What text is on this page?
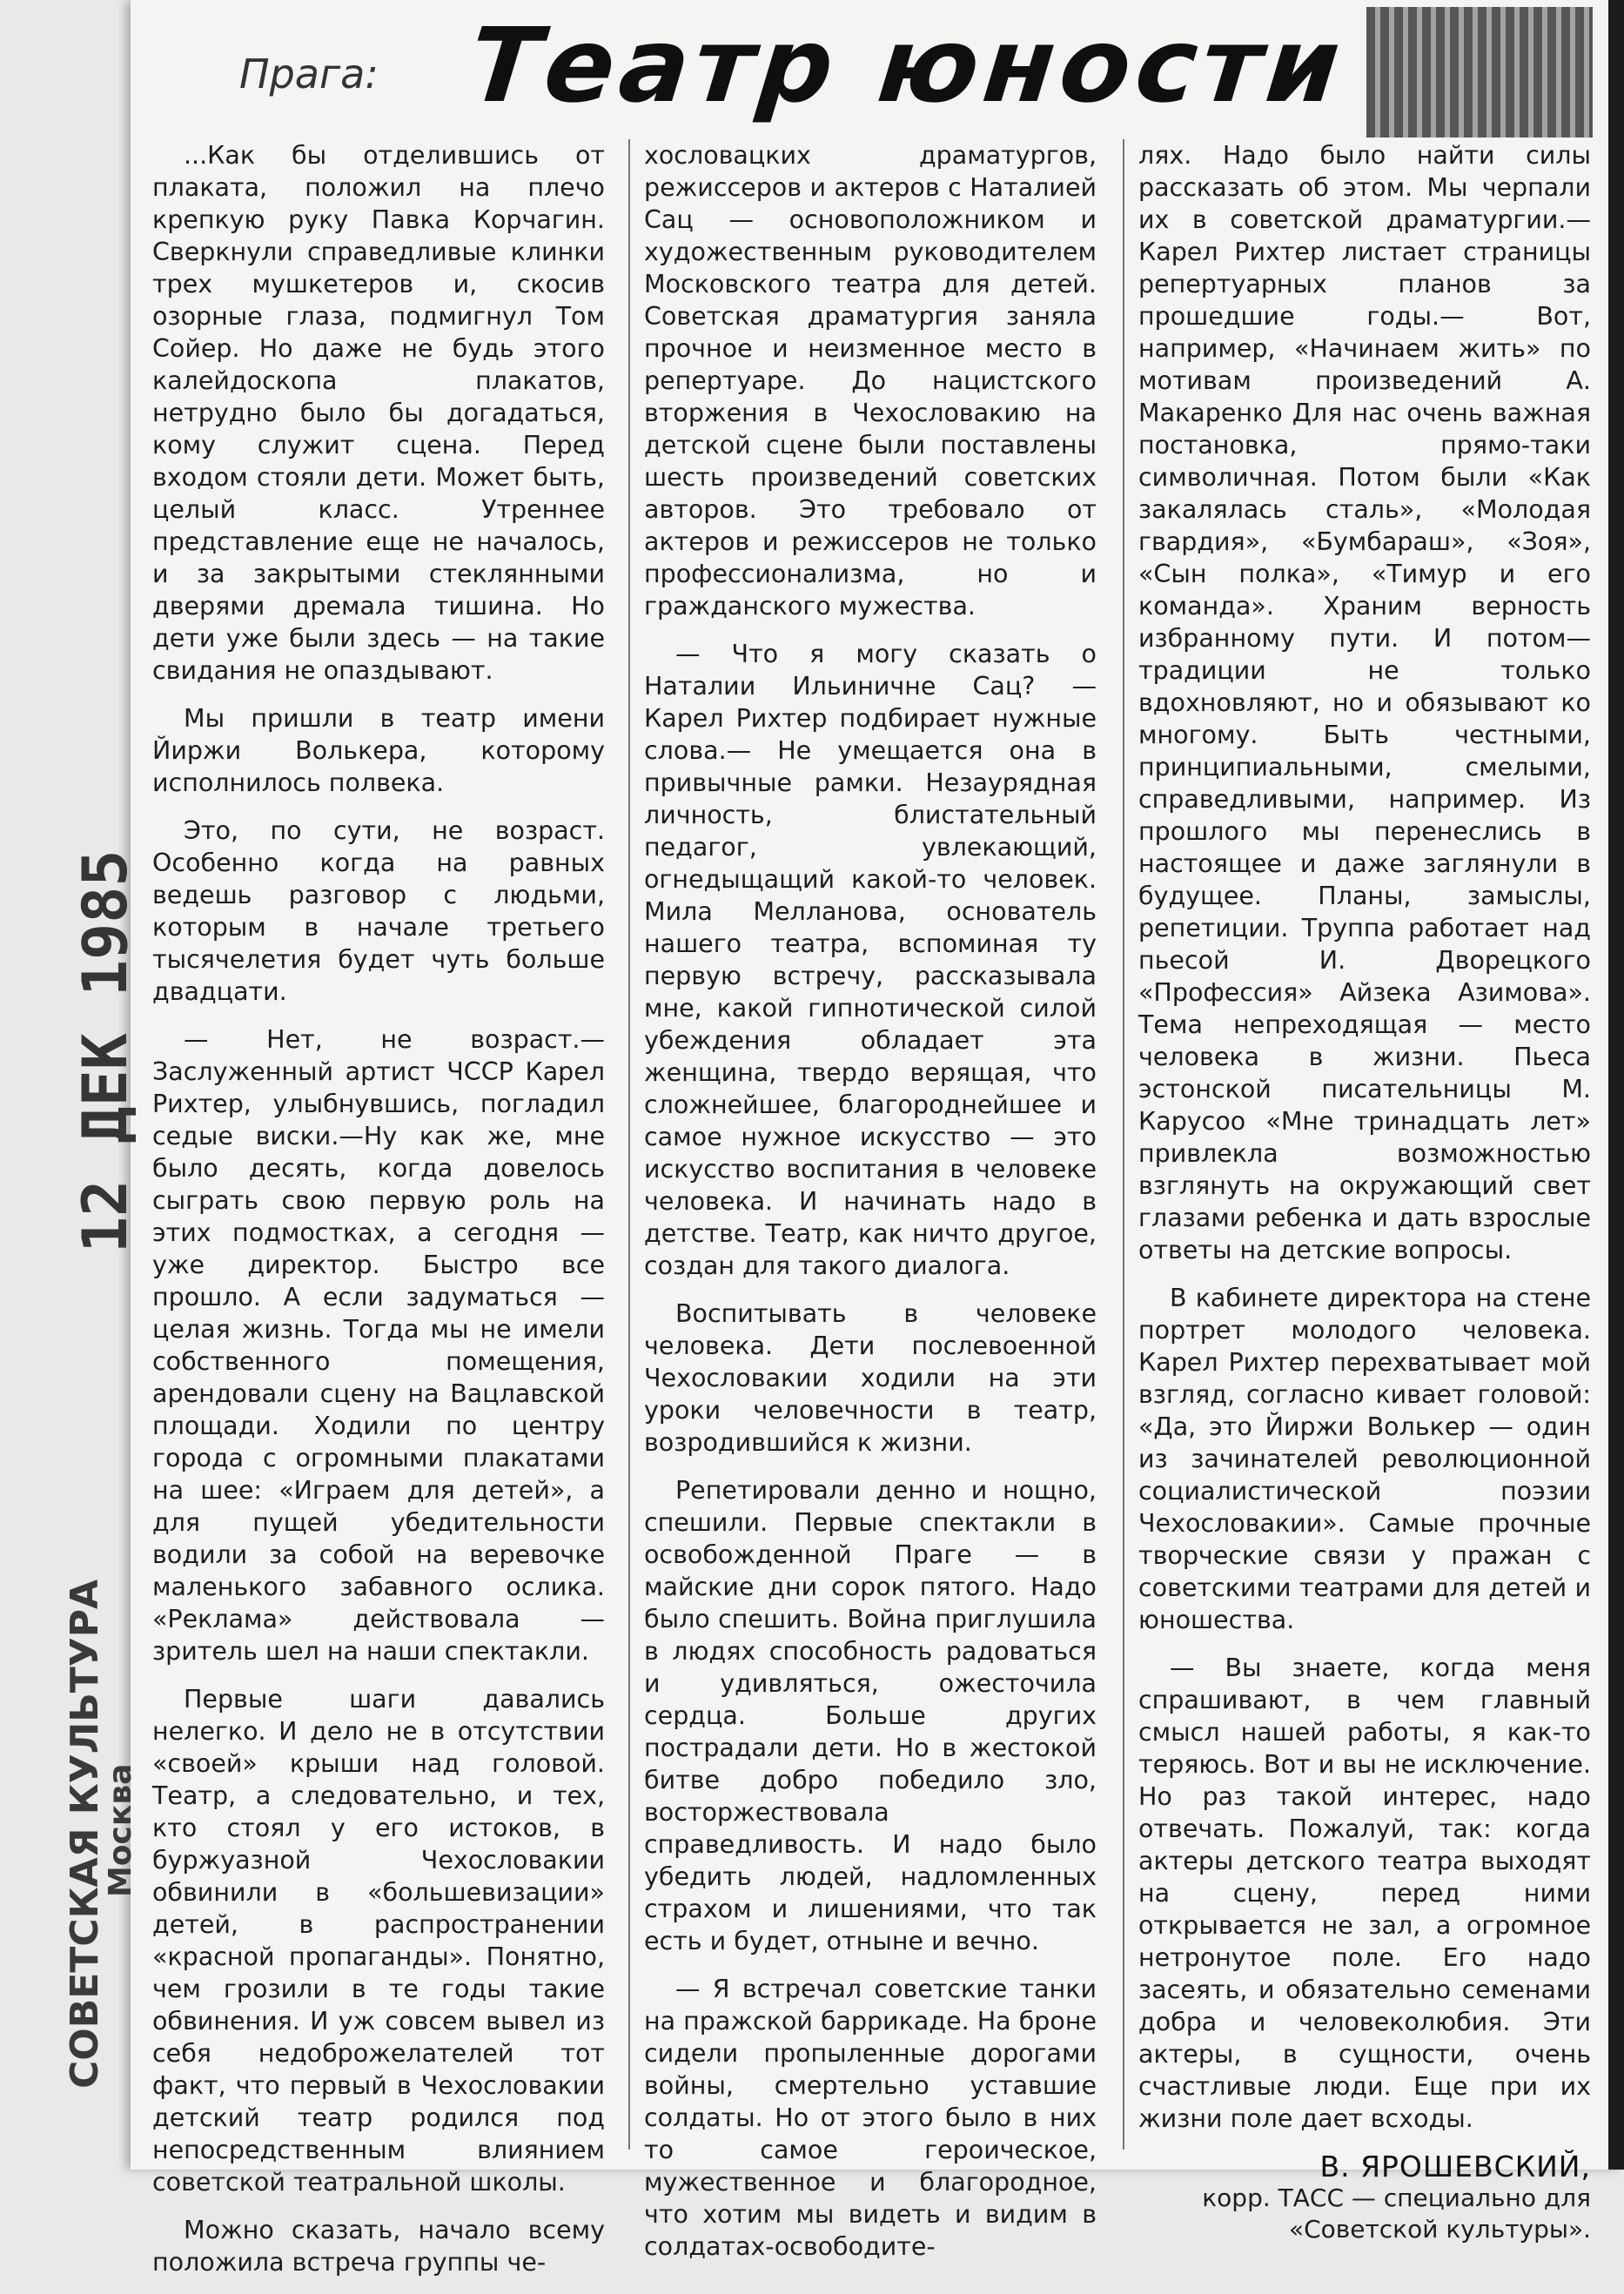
Прага: Театр юности

...Как бы отделившись от плаката, положил на плечо крепкую руку Павка Корчагин. Сверкнули справедливые клинки трех мушкетеров и, скосив озорные глаза, подмигнул Том Сойер. Но даже не будь этого калейдоскопа плакатов, нетрудно было бы догадаться, кому служит сцена. Перед входом стояли дети. Может быть, целый класс. Утреннее представление еще не началось, и за закрытыми стеклянными дверями дремала тишина. Но дети уже были здесь — на такие свидания не опаздывают.

Мы пришли в театр имени Йиржи Волькера, которому исполнилось полвека.

Это, по сути, не возраст. Особенно когда на равных ведешь разговор с людьми, которым в начале третьего тысячелетия будет чуть больше двадцати.

— Нет, не возраст.— Заслуженный артист ЧССР Карел Рихтер, улыбнувшись, погладил седые виски.—Ну как же, мне было десять, когда довелось сыграть свою первую роль на этих подмостках, а сегодня — уже директор. Быстро все прошло. А если задуматься — целая жизнь. Тогда мы не имели собственного помещения, арендовали сцену на Вацлавской площади. Ходили по центру города с огромными плакатами на шее: «Играем для детей», а для пущей убедительности водили за собой на веревочке маленького забавного ослика. «Реклама» действовала — зритель шел на наши спектакли.

Первые шаги давались нелегко. И дело не в отсутствии «своей» крыши над головой. Театр, а следовательно, и тех, кто стоял у его истоков, в буржуазной Чехословакии обвинили в «большевизации» детей, в распространении «красной пропаганды». Понятно, чем грозили в те годы такие обвинения. И уж совсем вывел из себя недоброжелателей тот факт, что первый в Чехословакии детский театр родился под непосредственным влиянием советской театральной школы.

Можно сказать, начало всему положила встреча группы че-

хословацких драматургов, режиссеров и актеров с Наталией Сац — основоположником и художественным руководителем Московского театра для детей. Советская драматургия заняла прочное и неизменное место в репертуаре. До нацистского вторжения в Чехословакию на детской сцене были поставлены шесть произведений советских авторов. Это требовало от актеров и режиссеров не только профессионализма, но и гражданского мужества.

— Что я могу сказать о Наталии Ильиничне Сац? — Карел Рихтер подбирает нужные слова.— Не умещается она в привычные рамки. Незаурядная личность, блистательный педагог, увлекающий, огнедыщащий какой-то человек. Мила Мелланова, основатель нашего театра, вспоминая ту первую встречу, рассказывала мне, какой гипнотической силой убеждения обладает эта женщина, твердо верящая, что сложнейшее, благороднейшее и самое нужное искусство — это искусство воспитания в человеке человека. И начинать надо в детстве. Театр, как ничто другое, создан для такого диалога.

Воспитывать в человеке человека. Дети послевоенной Чехословакии ходили на эти уроки человечности в театр, возродившийся к жизни.

Репетировали денно и нощно, спешили. Первые спектакли в освобожденной Праге — в майские дни сорок пятого. Надо было спешить. Война приглушила в людях способность радоваться и удивляться, ожесточила сердца. Больше других пострадали дети. Но в жестокой битве добро победило зло, восторжествовала справедливость. И надо было убедить людей, надломленных страхом и лишениями, что так есть и будет, отныне и вечно.

— Я встречал советские танки на пражской баррикаде. На броне сидели пропыленные дорогами войны, смертельно уставшие солдаты. Но от этого было в них то самое героическое, мужественное и благородное, что хотим мы видеть и видим в солдатах-освободите-

лях. Надо было найти силы рассказать об этом. Мы черпали их в советской драматургии.— Карел Рихтер листает страницы репертуарных планов за прошедшие годы.— Вот, например, «Начинаем жить» по мотивам произведений А. Макаренко Для нас очень важная постановка, прямо-таки символичная. Потом были «Как закалялась сталь», «Молодая гвардия», «Бумбараш», «Зоя», «Сын полка», «Тимур и его команда». Храним верность избранному пути. И потом—традиции не только вдохновляют, но и обязывают ко многому. Быть честными, принципиальными, смелыми, справедливыми, например. Из прошлого мы перенеслись в настоящее и даже заглянули в будущее. Планы, замыслы, репетиции. Труппа работает над пьесой И. Дворецкого «Профессия» Айзека Азимова». Тема непреходящая — место человека в жизни. Пьеса эстонской писательницы М. Карусоо «Мне тринадцать лет» привлекла возможностью взглянуть на окружающий свет глазами ребенка и дать взрослые ответы на детские вопросы.

В кабинете директора на стене портрет молодого человека. Карел Рихтер перехватывает мой взгляд, согласно кивает головой: «Да, это Йиржи Волькер — один из зачинателей революционной социалистической поэзии Чехословакии». Самые прочные творческие связи у пражан с советскими театрами для детей и юношества.

— Вы знаете, когда меня спрашивают, в чем главный смысл нашей работы, я как-то теряюсь. Вот и вы не исключение. Но раз такой интерес, надо отвечать. Пожалуй, так: когда актеры детского театра выходят на сцену, перед ними открывается не зал, а огромное нетронутое поле. Его надо засеять, и обязательно семенами добра и человеколюбия. Эти актеры, в сущности, очень счастливые люди. Еще при их жизни поле дает всходы.

В. ЯРОШЕВСКИЙ,
корр. ТАСС — специально для «Советской культуры».
12 ДЕК 1985
СОВЕТСКАЯ КУЛЬТУРА
Москва
